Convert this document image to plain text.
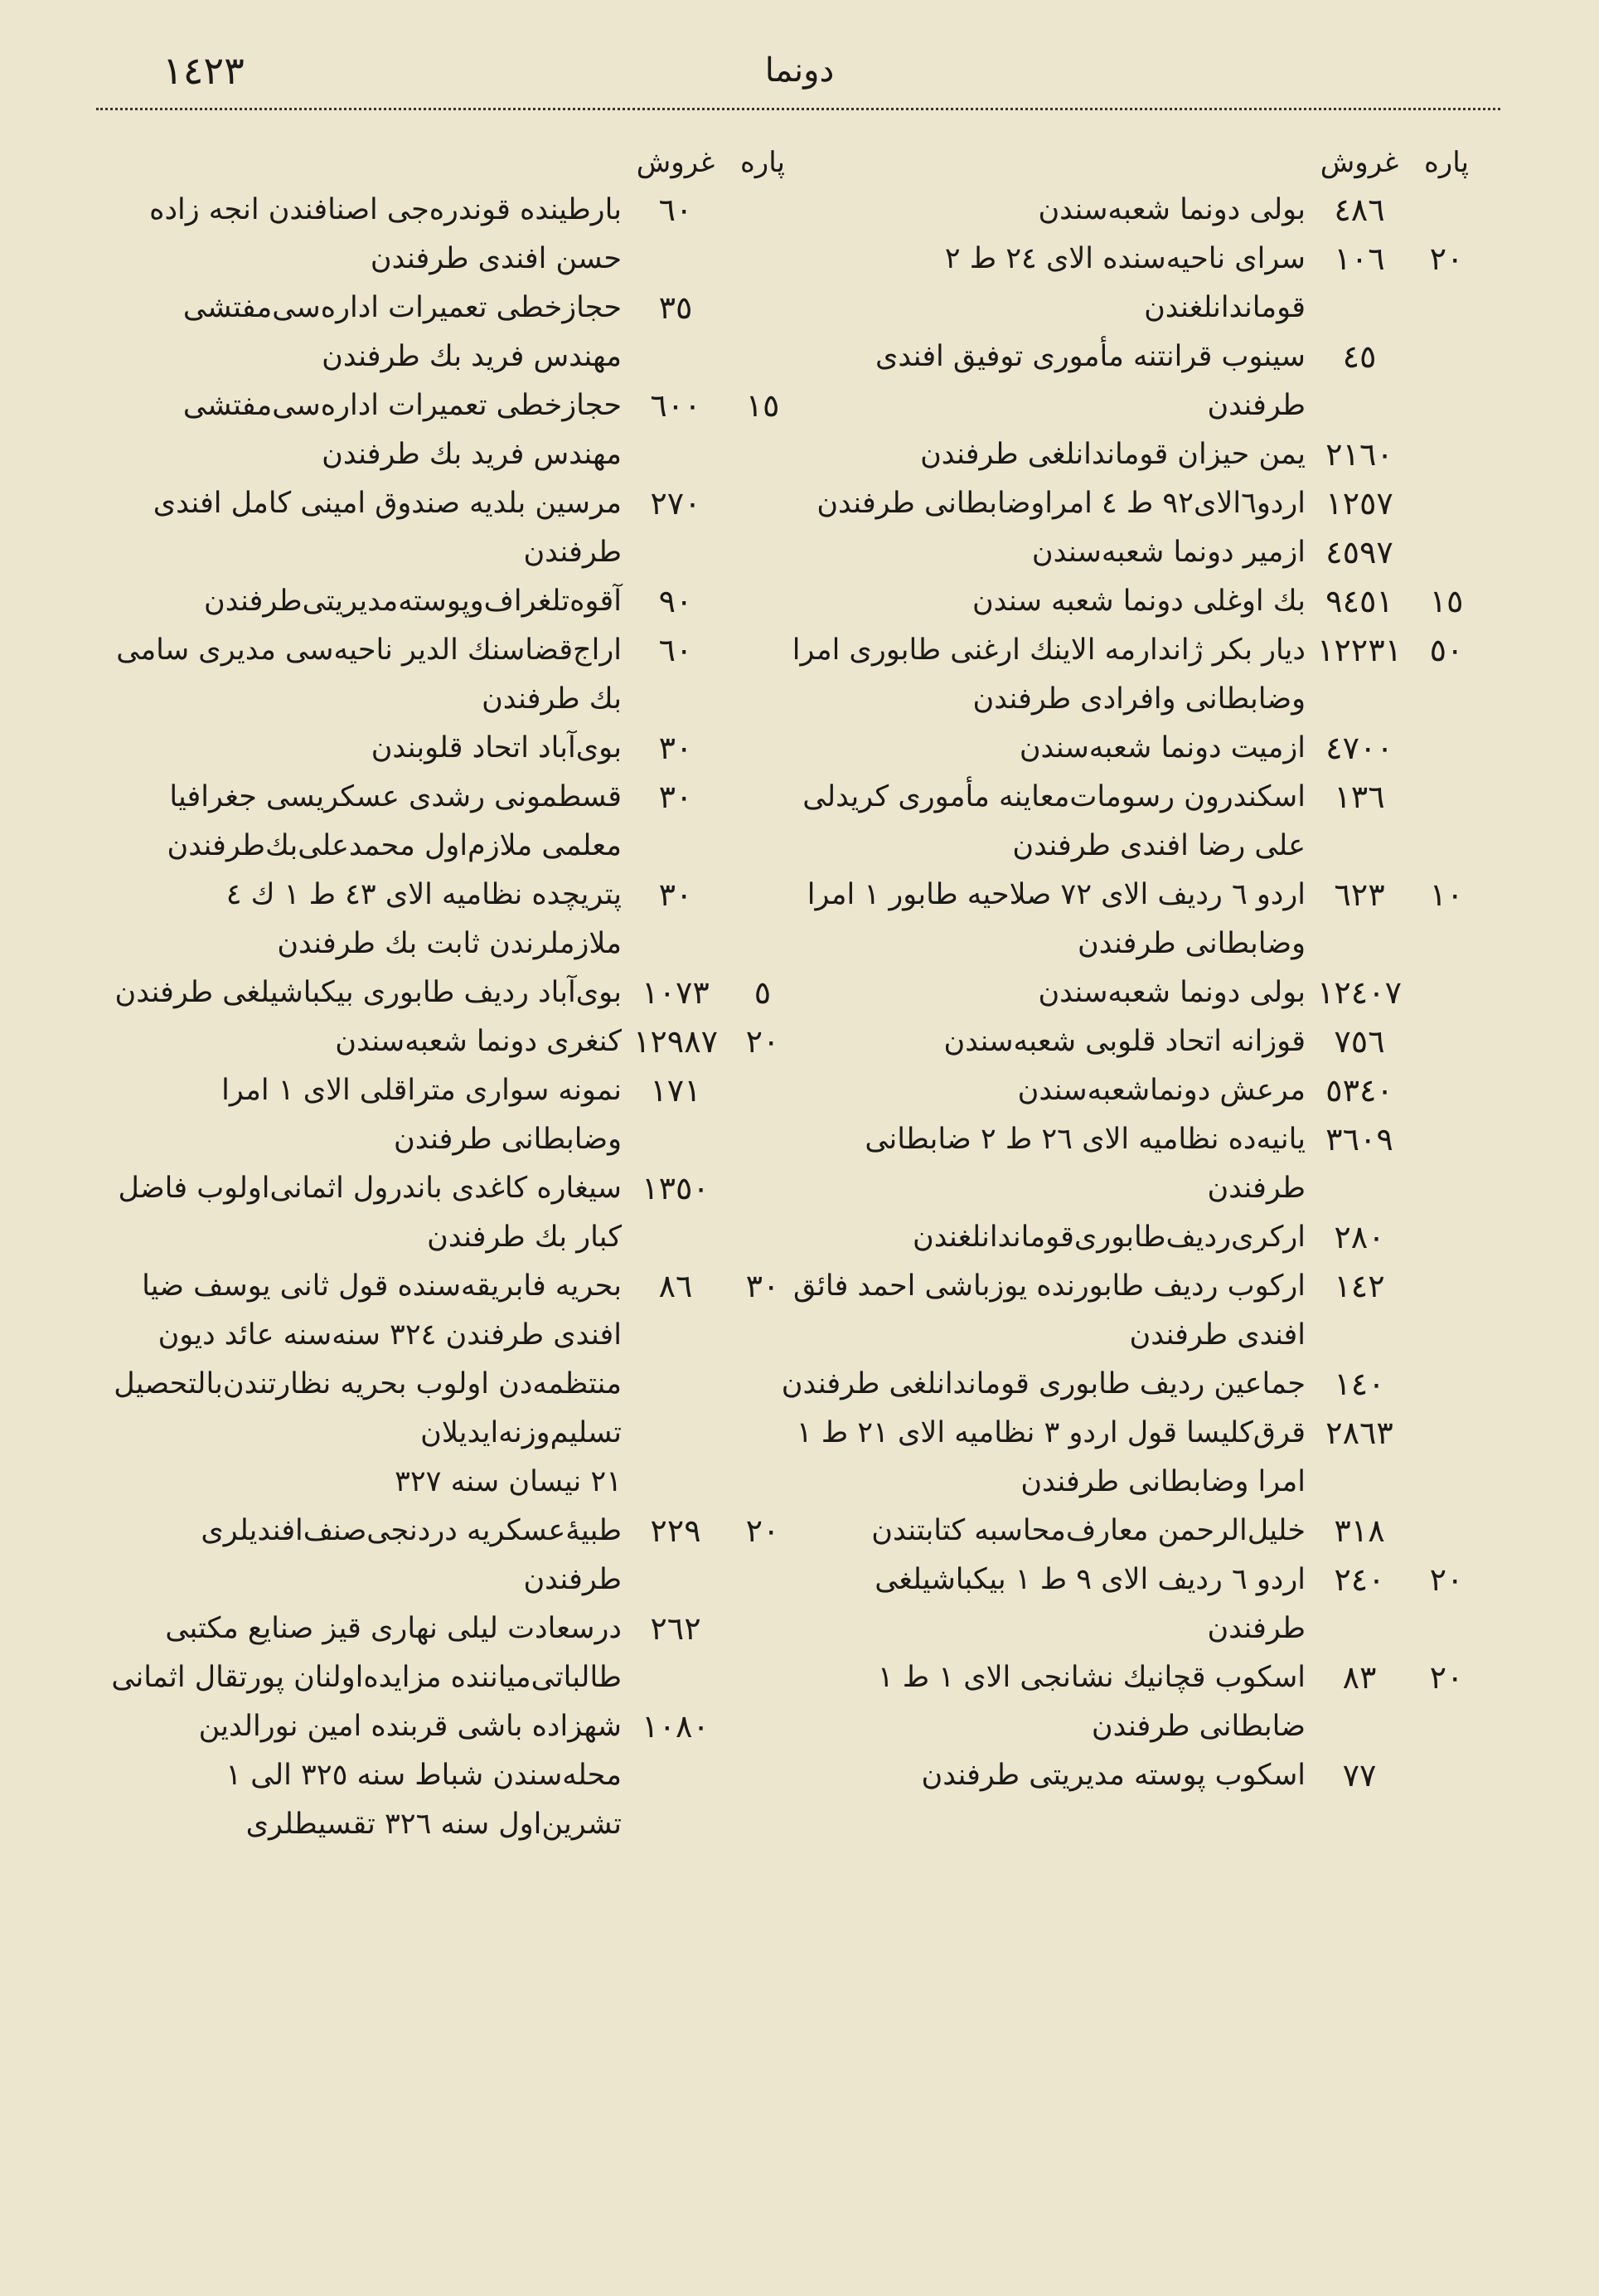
١٤٢٣	دونما
پاره
غروش
٤٨٦
بولی دونما شعبه‌سندن
٢٠
١٠٦
سرای ناحیه‌سنده الای ٢٤ ط ٢ قوماندانلغندن
٤٥
سینوب قرانتنه مأموری توفیق افندی طرفندن
٢١٦٠
یمن حیزان قوماندانلغی طرفندن
١٢٥٧
اردو٦الای٩٢ ط ٤ امراوضابطانی طرفندن
٤٥٩٧
ازمیر دونما شعبه‌سندن
١٥
٩٤٥١
بك اوغلی دونما شعبه سندن
٥٠
١٢٢٣١
دیار بکر ژاندارمه الاینك ارغنی طابوری امرا وضابطانی وافرادی طرفندن
٤٧٠٠
ازمیت دونما شعبه‌سندن
١٣٦
اسکندرون رسومات‌معاینه مأموری کریدلی علی رضا افندی طرفندن
١٠
٦٢٣
اردو ٦ ردیف الای ٧٢ صلاحیه طابور ١ امرا وضابطانی طرفندن
١٢٤٠٧
بولی دونما شعبه‌سندن
٧٥٦
قوزانه اتحاد قلوبی شعبه‌سندن
٥٣٤٠
مرعش دونماشعبه‌سندن
٣٦٠٩
یانیه‌ده نظامیه الای ٢٦ ط ٢ ضابطانی طرفندن
٢٨٠
ارکری‌ردیف‌طابوری‌قوماندانلغندن
١٤٢
ارکوب ردیف طابورنده یوزباشی احمد فائق افندی طرفندن
١٤٠
جماعین ردیف طابوری قوماندانلغی طرفندن
٢٨٦٣
قرق‌کلیسا قول اردو ٣ نظامیه الای ٢١ ط ١ امرا وضابطانی طرفندن
٣١٨
خلیل‌الرحمن معارف‌محاسبه کتابتندن
٢٠
٢٤٠
اردو ٦ ردیف الای ٩ ط ١ بیکباشیلغی طرفندن
٢٠
٨٣
اسکوب قچانیك نشانجی الای ١ ط ١ ضابطانی طرفندن
٧٧
اسکوب پوسته مدیریتی طرفندن
پاره
غروش
٦٠
بارطینده قوندره‌جی اصنافندن انجه زاده حسن افندی طرفندن
٣٥
حجازخطی تعمیرات اداره‌سی‌مفتشی مهندس فرید بك طرفندن
١٥
٦٠٠
حجازخطی تعمیرات اداره‌سی‌مفتشی مهندس فرید بك طرفندن
٢٧٠
مرسین بلدیه صندوق امینی کامل افندی طرفندن
٩٠
آقوه‌تلغراف‌وپوسته‌مدیریتی‌طرفندن
٦٠
اراج‌قضاسنك الدیر ناحیه‌سی مدیری سامی بك طرفندن
٣٠
بوی‌آباد اتحاد قلوبندن
٣٠
قسطمونی رشدی عسکریسی جغرافیا معلمی ملازم‌اول محمدعلی‌بك‌طرفندن
٣٠
پتریچده نظامیه الای ٤٣ ط ١ ك ٤ ملازملرندن ثابت بك طرفندن
٥
١٠٧٣
بوی‌آباد ردیف طابوری بیکباشیلغی طرفندن
٢٠
١٢٩٨٧
کنغری دونما شعبه‌سندن
١٧١
نمونه سواری متراقلی الای ١ امرا وضابطانی طرفندن
١٣٥٠
سیغاره کاغدی باندرول اثمانی‌اولوب فاضل کبار بك طرفندن
٣٠
٨٦
بحریه فابریقه‌سنده قول ثانی یوسف ضیا افندی طرفندن ٣٢٤ سنه‌سنه عائد دیون منتظمه‌دن اولوب بحریه نظارتندن‌بالتحصیل تسلیم‌وزنه‌ایدیلان
٢١ نیسان سنه ٣٢٧
٢٠
٢٢٩
طبیهٔ‌عسکریه دردنجی‌صنف‌افندیلری طرفندن
٢٦٢
درسعادت لیلی نهاری قیز صنایع مکتبی طالباتی‌میاننده مزایده‌اولنان پورتقال اثمانی
١٠٨٠
شهزاده باشی قربنده امین نورالدین محله‌سندن شباط سنه ٣٢٥ الی ١ تشرین‌اول سنه ٣٢٦ تقسیطلری
